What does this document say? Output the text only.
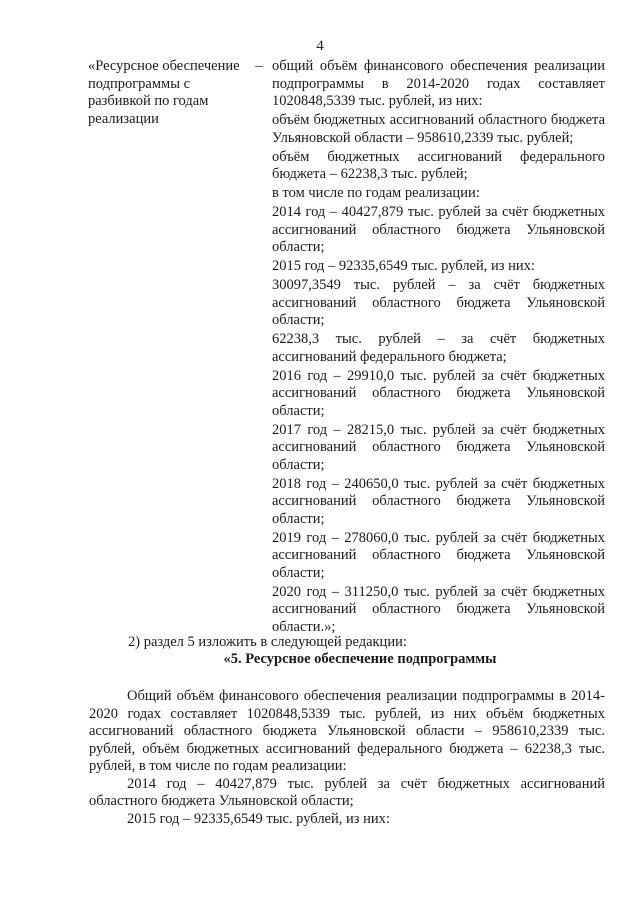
4
«Ресурсное обеспечение подпрограммы с разбивкой по годам реализации
– общий объём финансового обеспечения реализации подпрограммы в 2014-2020 годах составляет 1020848,5339 тыс. рублей, из них:

объём бюджетных ассигнований областного бюджета Ульяновской области – 958610,2339 тыс. рублей;

объём бюджетных ассигнований федерального бюджета – 62238,3 тыс. рублей;

в том числе по годам реализации:

2014 год – 40427,879 тыс. рублей за счёт бюджетных ассигнований областного бюджета Ульяновской области;

2015 год – 92335,6549 тыс. рублей, из них:

30097,3549 тыс. рублей – за счёт бюджетных ассигнований областного бюджета Ульяновской области;

62238,3 тыс. рублей – за счёт бюджетных ассигнований федерального бюджета;

2016 год – 29910,0 тыс. рублей за счёт бюджетных ассигнований областного бюджета Ульяновской области;

2017 год – 28215,0 тыс. рублей за счёт бюджетных ассигнований областного бюджета Ульяновской области;

2018 год – 240650,0 тыс. рублей за счёт бюджетных ассигнований областного бюджета Ульяновской области;

2019 год – 278060,0 тыс. рублей за счёт бюджетных ассигнований областного бюджета Ульяновской области;

2020 год – 311250,0 тыс. рублей за счёт бюджетных ассигнований областного бюджета Ульяновской области.»;

2) раздел 5 изложить в следующей редакции:
«5. Ресурсное обеспечение подпрограммы

Общий объём финансового обеспечения реализации подпрограммы в 2014-2020 годах составляет 1020848,5339 тыс. рублей, из них объём бюджетных ассигнований областного бюджета Ульяновской области – 958610,2339 тыс. рублей, объём бюджетных ассигнований федерального бюджета – 62238,3 тыс. рублей, в том числе по годам реализации:

2014 год – 40427,879 тыс. рублей за счёт бюджетных ассигнований областного бюджета Ульяновской области;

2015 год – 92335,6549 тыс. рублей, из них:
